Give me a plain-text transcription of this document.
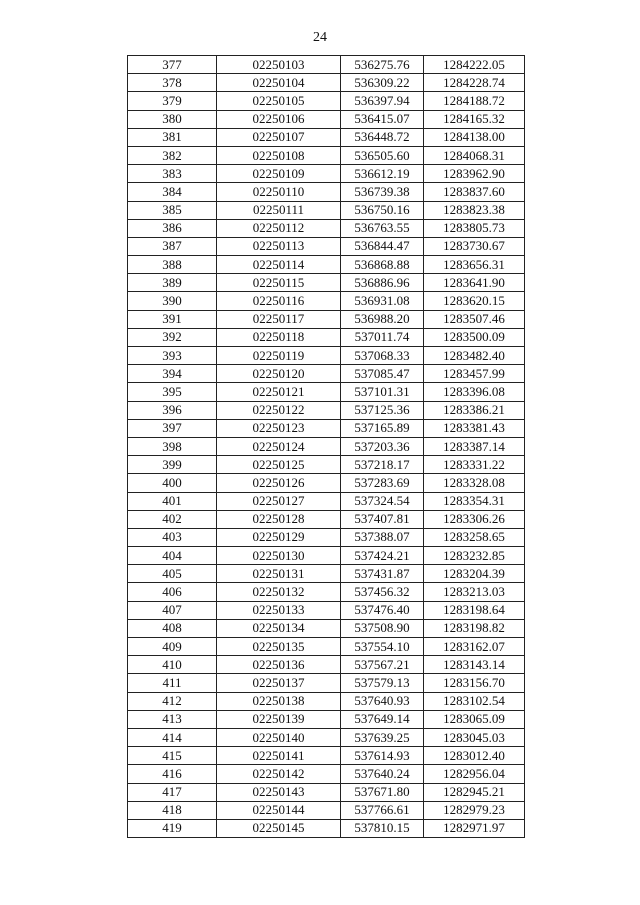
24
377	02250103	536275.76	1284222.05
378	02250104	536309.22	1284228.74
379	02250105	536397.94	1284188.72
380	02250106	536415.07	1284165.32
381	02250107	536448.72	1284138.00
382	02250108	536505.60	1284068.31
383	02250109	536612.19	1283962.90
384	02250110	536739.38	1283837.60
385	02250111	536750.16	1283823.38
386	02250112	536763.55	1283805.73
387	02250113	536844.47	1283730.67
388	02250114	536868.88	1283656.31
389	02250115	536886.96	1283641.90
390	02250116	536931.08	1283620.15
391	02250117	536988.20	1283507.46
392	02250118	537011.74	1283500.09
393	02250119	537068.33	1283482.40
394	02250120	537085.47	1283457.99
395	02250121	537101.31	1283396.08
396	02250122	537125.36	1283386.21
397	02250123	537165.89	1283381.43
398	02250124	537203.36	1283387.14
399	02250125	537218.17	1283331.22
400	02250126	537283.69	1283328.08
401	02250127	537324.54	1283354.31
402	02250128	537407.81	1283306.26
403	02250129	537388.07	1283258.65
404	02250130	537424.21	1283232.85
405	02250131	537431.87	1283204.39
406	02250132	537456.32	1283213.03
407	02250133	537476.40	1283198.64
408	02250134	537508.90	1283198.82
409	02250135	537554.10	1283162.07
410	02250136	537567.21	1283143.14
411	02250137	537579.13	1283156.70
412	02250138	537640.93	1283102.54
413	02250139	537649.14	1283065.09
414	02250140	537639.25	1283045.03
415	02250141	537614.93	1283012.40
416	02250142	537640.24	1282956.04
417	02250143	537671.80	1282945.21
418	02250144	537766.61	1282979.23
419	02250145	537810.15	1282971.97
